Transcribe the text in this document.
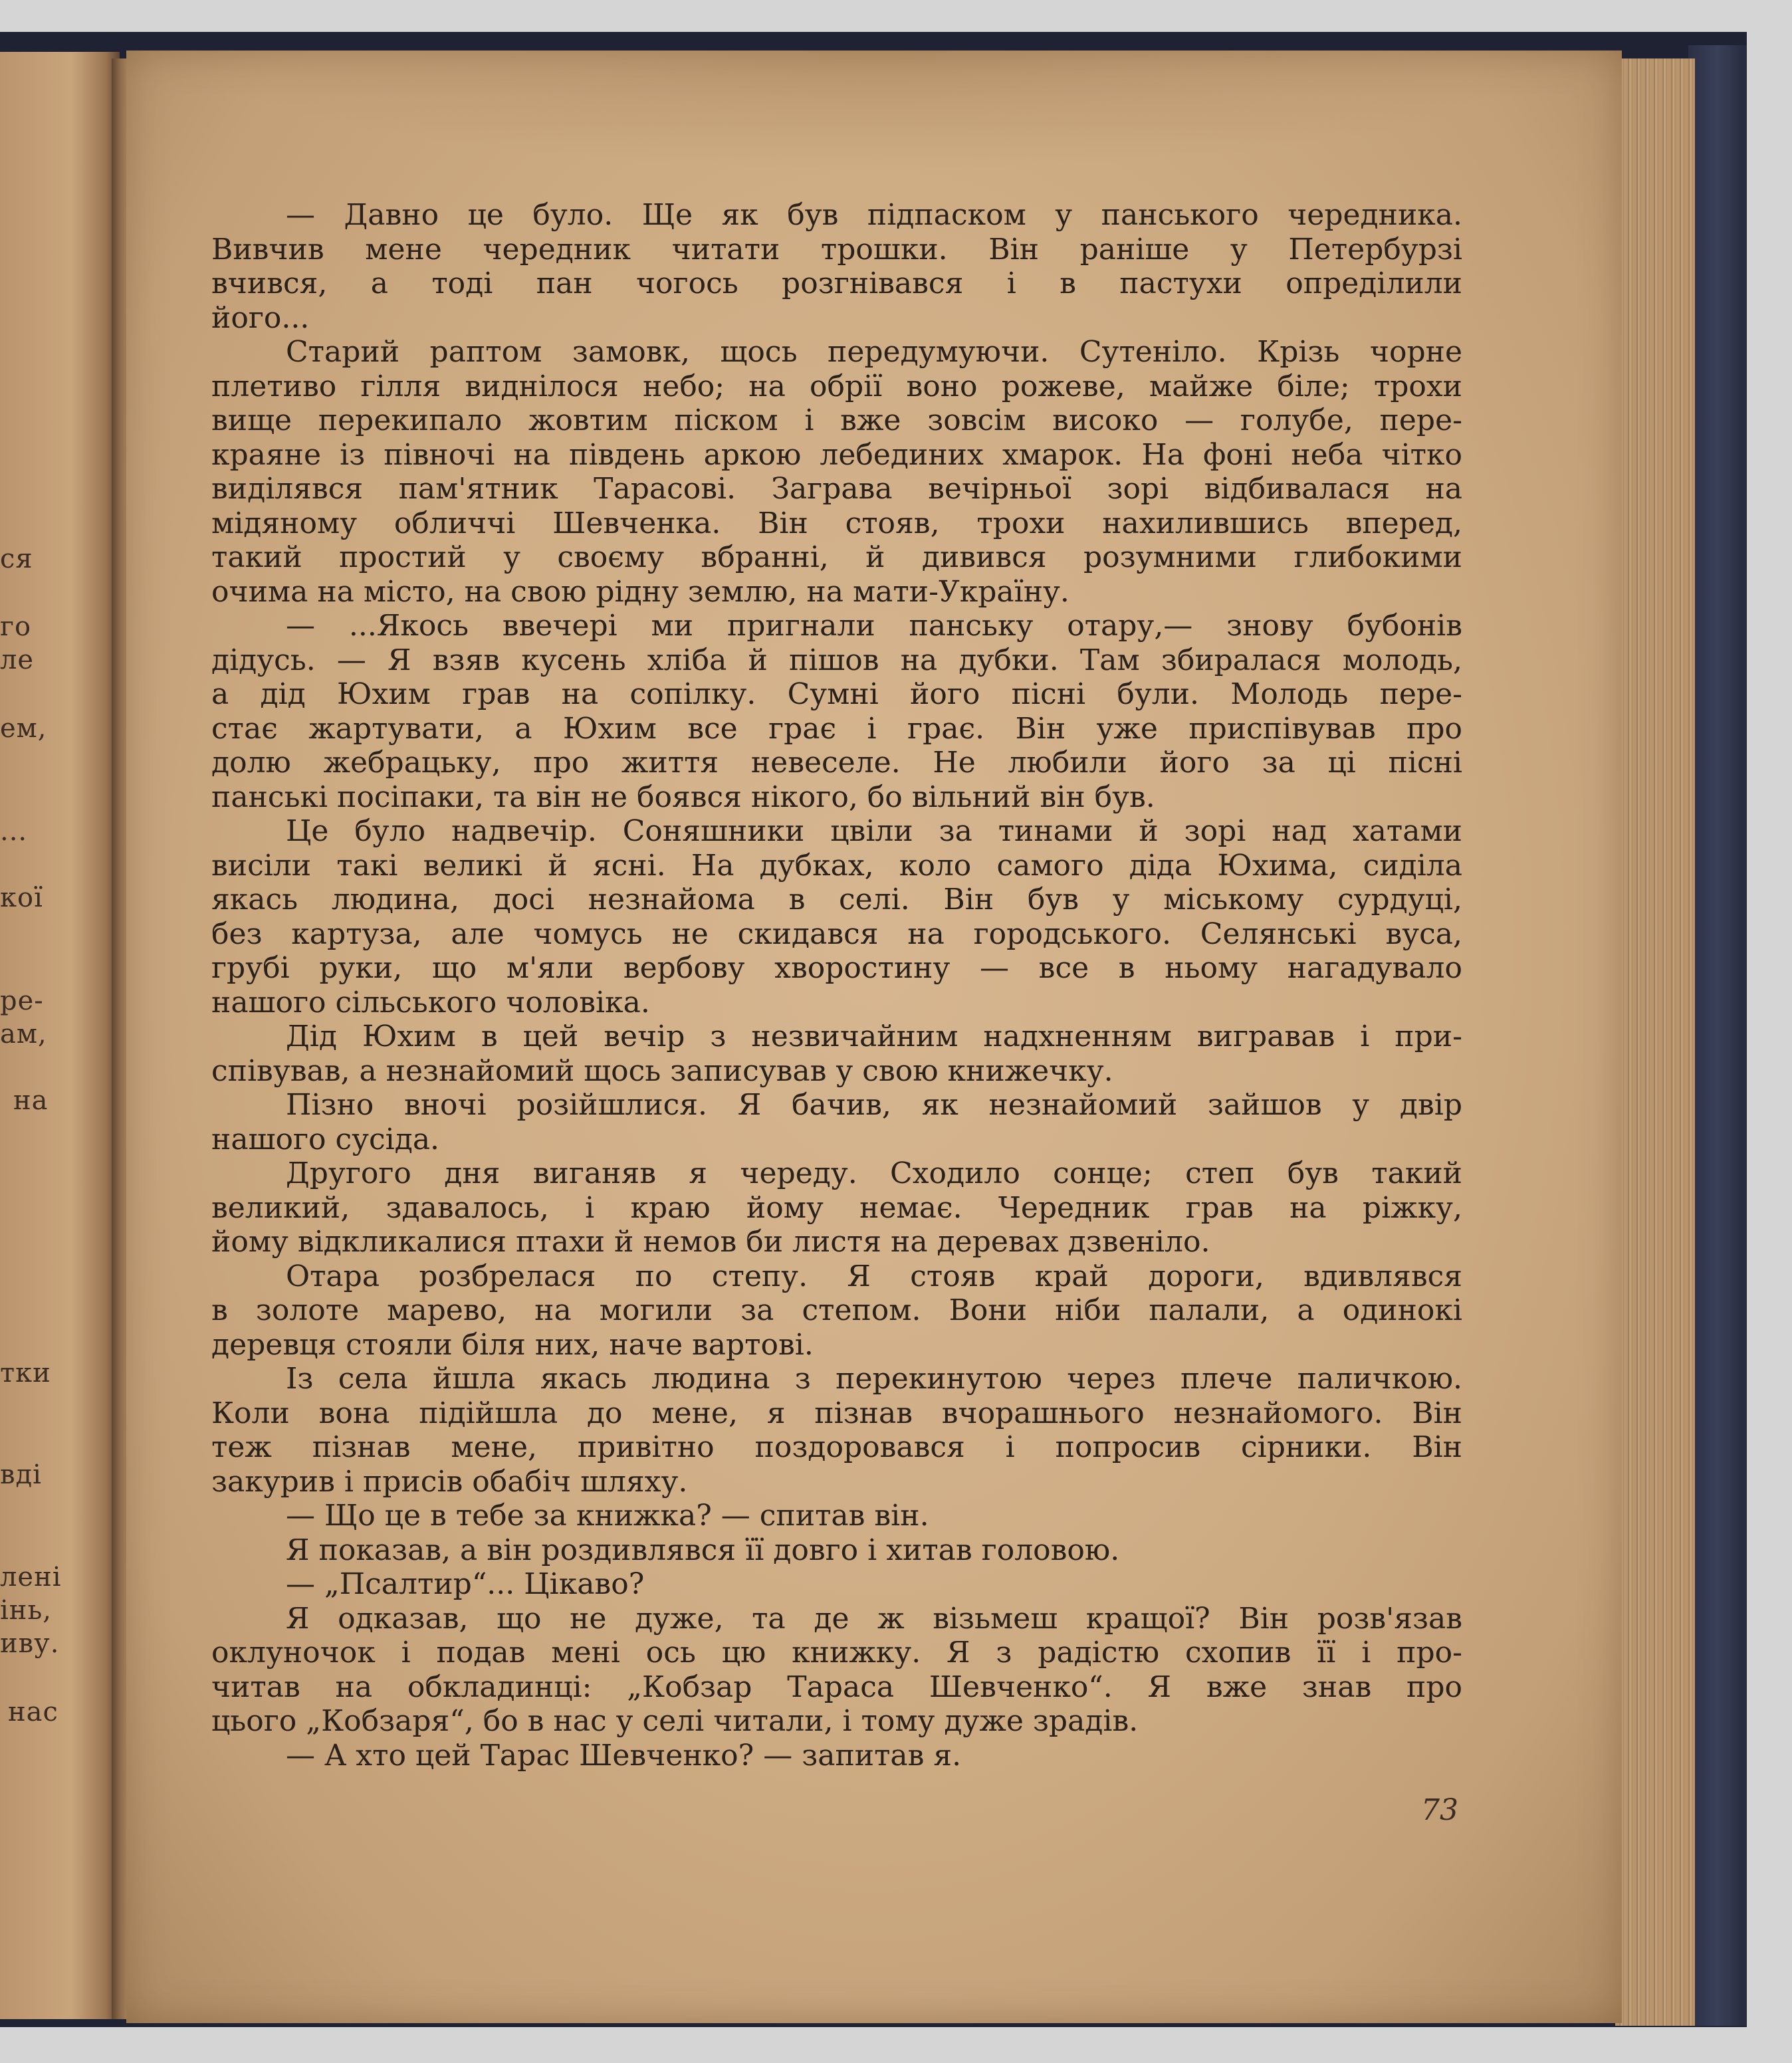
ся
го
ле
ем,
...
кої
ре-
ам,
на
тки
вді
лені
інь,
иву.
нас
— Давно це було. Ще як був підпаском у панського чередника.
Вивчив мене чередник читати трошки. Він раніше у Петербурзі
вчився, а тоді пан чогось розгнівався і в пастухи опреділили
його...
Старий раптом замовк, щось передумуючи. Сутеніло. Крізь чорне
плетиво гілля виднілося небо; на обрії воно рожеве, майже біле; трохи
вище перекипало жовтим піском і вже зовсім високо — голубе, пере-
краяне із півночі на південь аркою лебединих хмарок. На фоні неба чітко
виділявся пам'ятник Тарасові. Заграва вечірньої зорі відбивалася на
мідяному обличчі Шевченка. Він стояв, трохи нахилившись вперед,
такий простий у своєму вбранні, й дивився розумними глибокими
очима на місто, на свою рідну землю, на мати-Україну.
— ...Якось ввечері ми пригнали панську отару,— знову бубонів
дідусь. — Я взяв кусень хліба й пішов на дубки. Там збиралася молодь,
а дід Юхим грав на сопілку. Сумні його пісні були. Молодь пере-
стає жартувати, а Юхим все грає і грає. Він уже приспівував про
долю жебрацьку, про життя невеселе. Не любили його за ці пісні
панські посіпаки, та він не боявся нікого, бо вільний він був.
Це було надвечір. Соняшники цвіли за тинами й зорі над хатами
висіли такі великі й ясні. На дубках, коло самого діда Юхима, сиділа
якась людина, досі незнайома в селі. Він був у міському сурдуці,
без картуза, але чомусь не скидався на городського. Селянські вуса,
грубі руки, що м'яли вербову хворостину — все в ньому нагадувало
нашого сільського чоловіка.
Дід Юхим в цей вечір з незвичайним надхненням вигравав і при-
співував, а незнайомий щось записував у свою книжечку.
Пізно вночі розійшлися. Я бачив, як незнайомий зайшов у двір
нашого сусіда.
Другого дня виганяв я череду. Сходило сонце; степ був такий
великий, здавалось, і краю йому немає. Чередник грав на ріжку,
йому відкликалися птахи й немов би листя на деревах дзвеніло.
Отара розбрелася по степу. Я стояв край дороги, вдивлявся
в золоте марево, на могили за степом. Вони ніби палали, а одинокі
деревця стояли біля них, наче вартові.
Із села йшла якась людина з перекинутою через плече паличкою.
Коли вона підійшла до мене, я пізнав вчорашнього незнайомого. Він
теж пізнав мене, привітно поздоровався і попросив сірники. Він
закурив і присів обабіч шляху.
— Що це в тебе за книжка? — спитав він.
Я показав, а він роздивлявся її довго і хитав головою.
— „Псалтир“... Цікаво?
Я одказав, що не дуже, та де ж візьмеш кращої? Він розв'язав
оклуночок і подав мені ось цю книжку. Я з радістю схопив її і про-
читав на обкладинці: „Кобзар Тараса Шевченко“. Я вже знав про
цього „Кобзаря“, бо в нас у селі читали, і тому дуже зрадів.
— А хто цей Тарас Шевченко? — запитав я.
73
